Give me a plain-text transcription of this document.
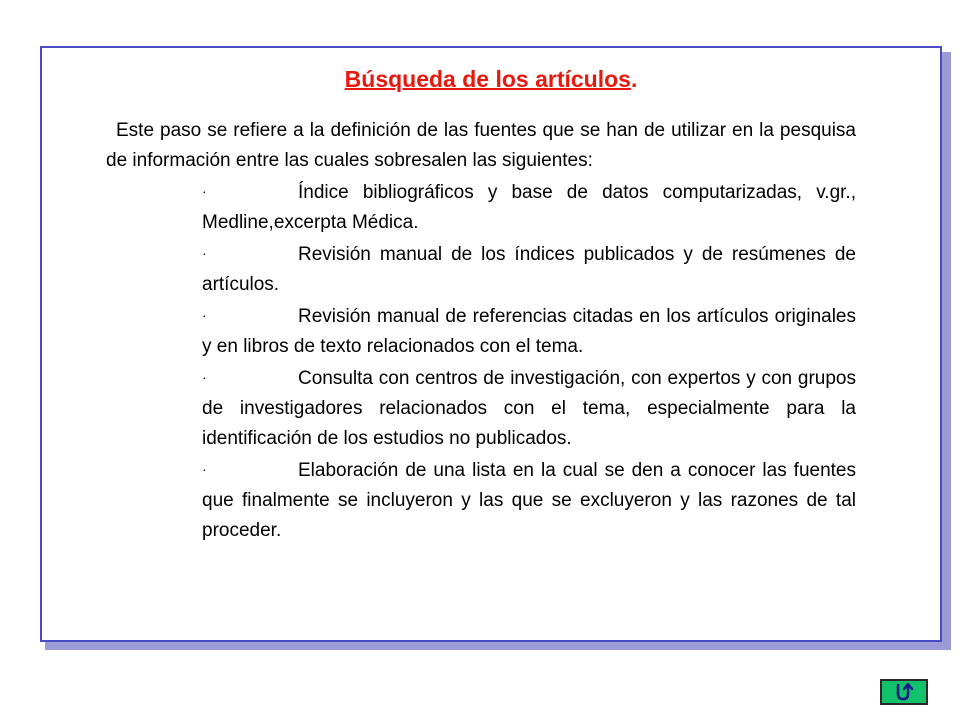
Búsqueda de los artículos.

Este paso se refiere a la definición de las fuentes que se han de utilizar en la pesquisa de información entre las cuales sobresalen las siguientes:

·	Índice bibliográficos y base de datos computarizadas, v.gr., Medline,excerpta Médica.
·	Revisión manual de los índices publicados y de resúmenes de artículos.
·	Revisión manual de referencias citadas en los artículos originales y en libros de texto relacionados con el tema.
·	Consulta con centros de investigación, con expertos y con grupos de investigadores relacionados con el tema, especialmente para la identificación de los estudios no publicados.
·	Elaboración de una lista en la cual se den a conocer las fuentes que finalmente se incluyeron y las que se excluyeron y las razones de tal proceder.
